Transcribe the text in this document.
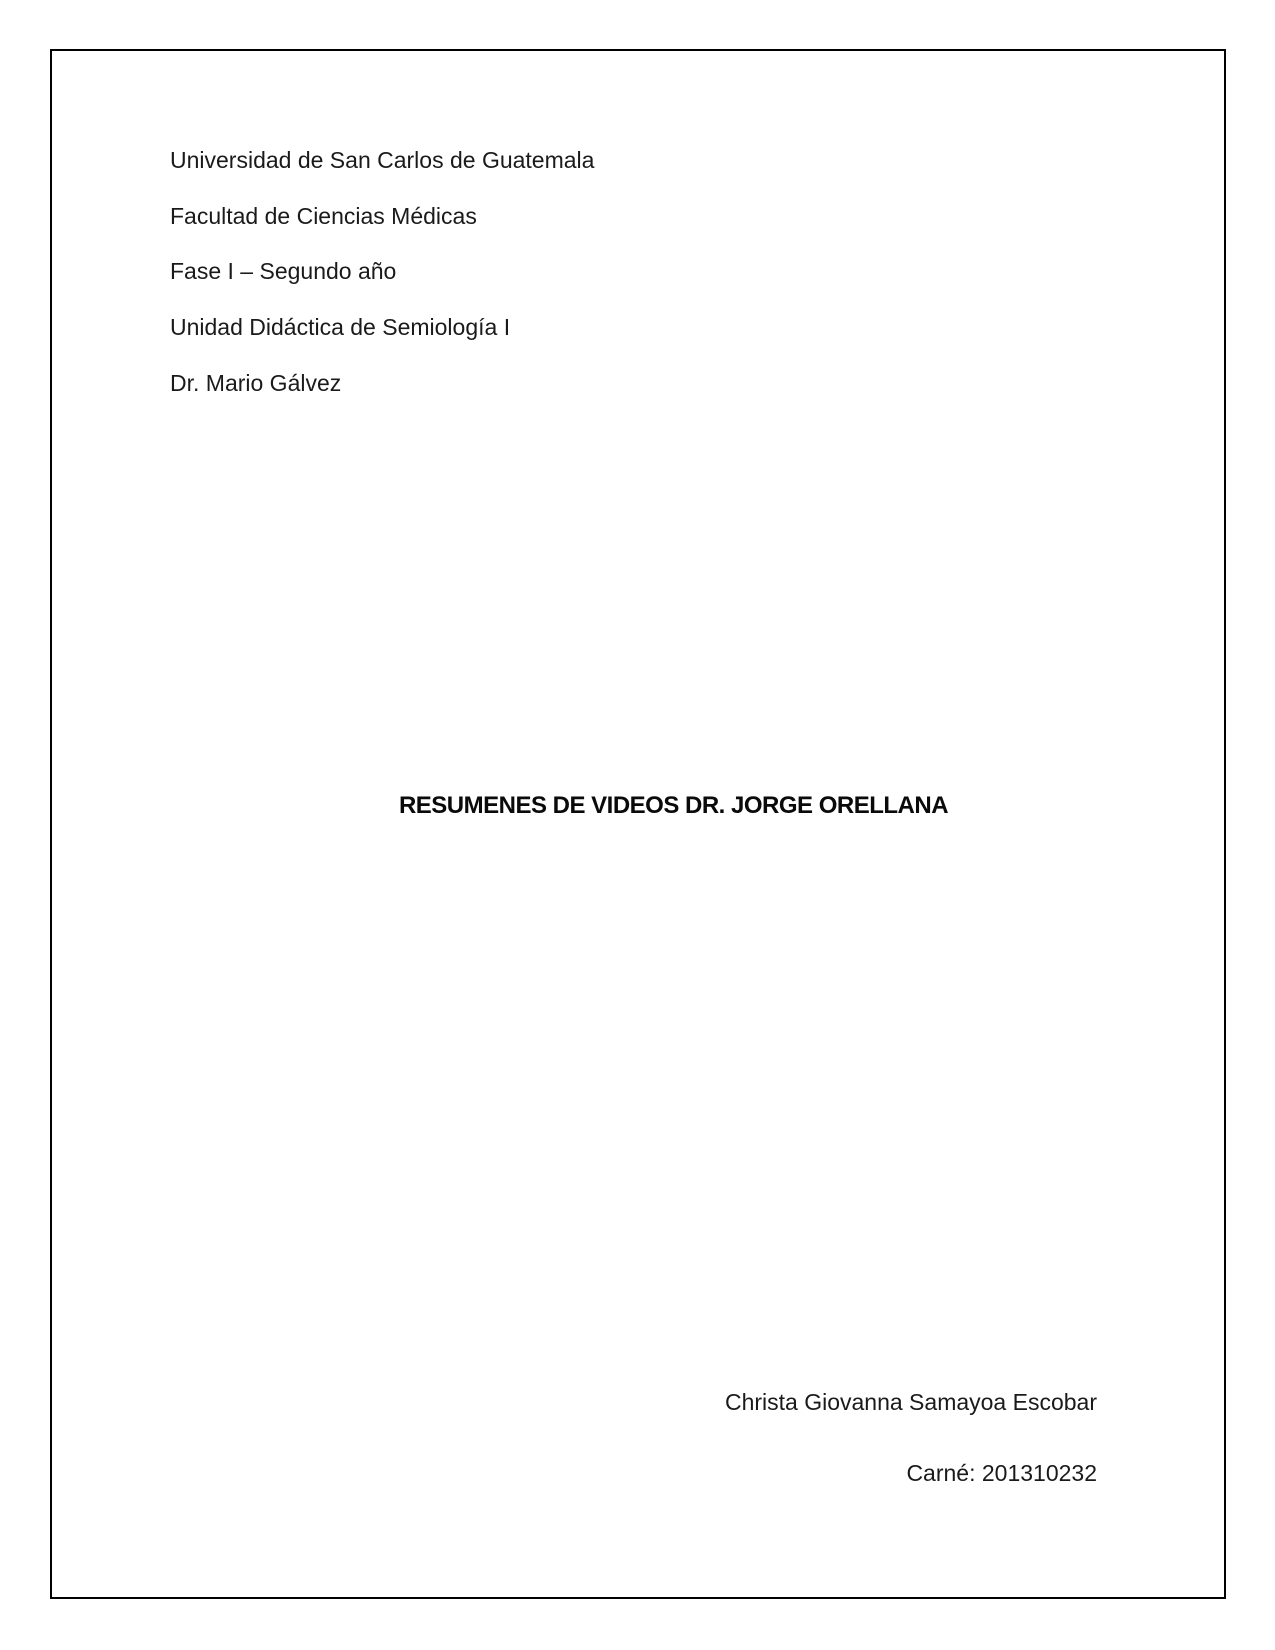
Universidad de San Carlos de Guatemala
Facultad de Ciencias Médicas
Fase I – Segundo año
Unidad Didáctica de Semiología I
Dr. Mario Gálvez
RESUMENES DE VIDEOS DR. JORGE ORELLANA
Christa Giovanna Samayoa Escobar
Carné: 201310232
